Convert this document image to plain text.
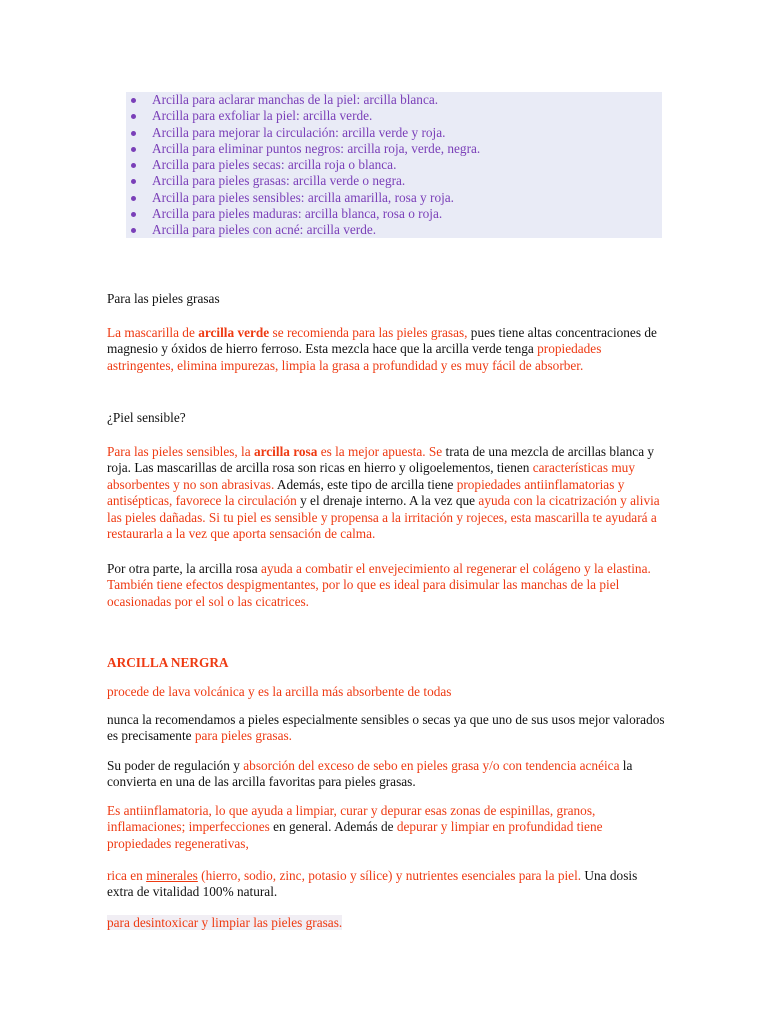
Arcilla para aclarar manchas de la piel: arcilla blanca.
Arcilla para exfoliar la piel: arcilla verde.
Arcilla para mejorar la circulación: arcilla verde y roja.
Arcilla para eliminar puntos negros: arcilla roja, verde, negra.
Arcilla para pieles secas: arcilla roja o blanca.
Arcilla para pieles grasas: arcilla verde o negra.
Arcilla para pieles sensibles: arcilla amarilla, rosa y roja.
Arcilla para pieles maduras: arcilla blanca, rosa o roja.
Arcilla para pieles con acné: arcilla verde.

Para las pieles grasas

La mascarilla de arcilla verde se recomienda para las pieles grasas, pues tiene altas concentraciones de magnesio y óxidos de hierro ferroso. Esta mezcla hace que la arcilla verde tenga propiedades astringentes, elimina impurezas, limpia la grasa a profundidad y es muy fácil de absorber.

¿Piel sensible?

Para las pieles sensibles, la arcilla rosa es la mejor apuesta. Se trata de una mezcla de arcillas blanca y roja. Las mascarillas de arcilla rosa son ricas en hierro y oligoelementos, tienen características muy absorbentes y no son abrasivas. Además, este tipo de arcilla tiene propiedades antiinflamatorias y antisépticas, favorece la circulación y el drenaje interno. A la vez que ayuda con la cicatrización y alivia las pieles dañadas. Si tu piel es sensible y propensa a la irritación y rojeces, esta mascarilla te ayudará a restaurarla a la vez que aporta sensación de calma.

Por otra parte, la arcilla rosa ayuda a combatir el envejecimiento al regenerar el colágeno y la elastina. También tiene efectos despigmentantes, por lo que es ideal para disimular las manchas de la piel ocasionadas por el sol o las cicatrices.

ARCILLA NERGRA

procede de lava volcánica y es la arcilla más absorbente de todas

nunca la recomendamos a pieles especialmente sensibles o secas ya que uno de sus usos mejor valorados es precisamente para pieles grasas.

Su poder de regulación y absorción del exceso de sebo en pieles grasa y/o con tendencia acnéica la convierta en una de las arcilla favoritas para pieles grasas.

Es antiinflamatoria, lo que ayuda a limpiar, curar y depurar esas zonas de espinillas, granos, inflamaciones; imperfecciones en general. Además de depurar y limpiar en profundidad tiene propiedades regenerativas,

rica en minerales (hierro, sodio, zinc, potasio y sílice) y nutrientes esenciales para la piel. Una dosis extra de vitalidad 100% natural.

para desintoxicar y limpiar las pieles grasas.
